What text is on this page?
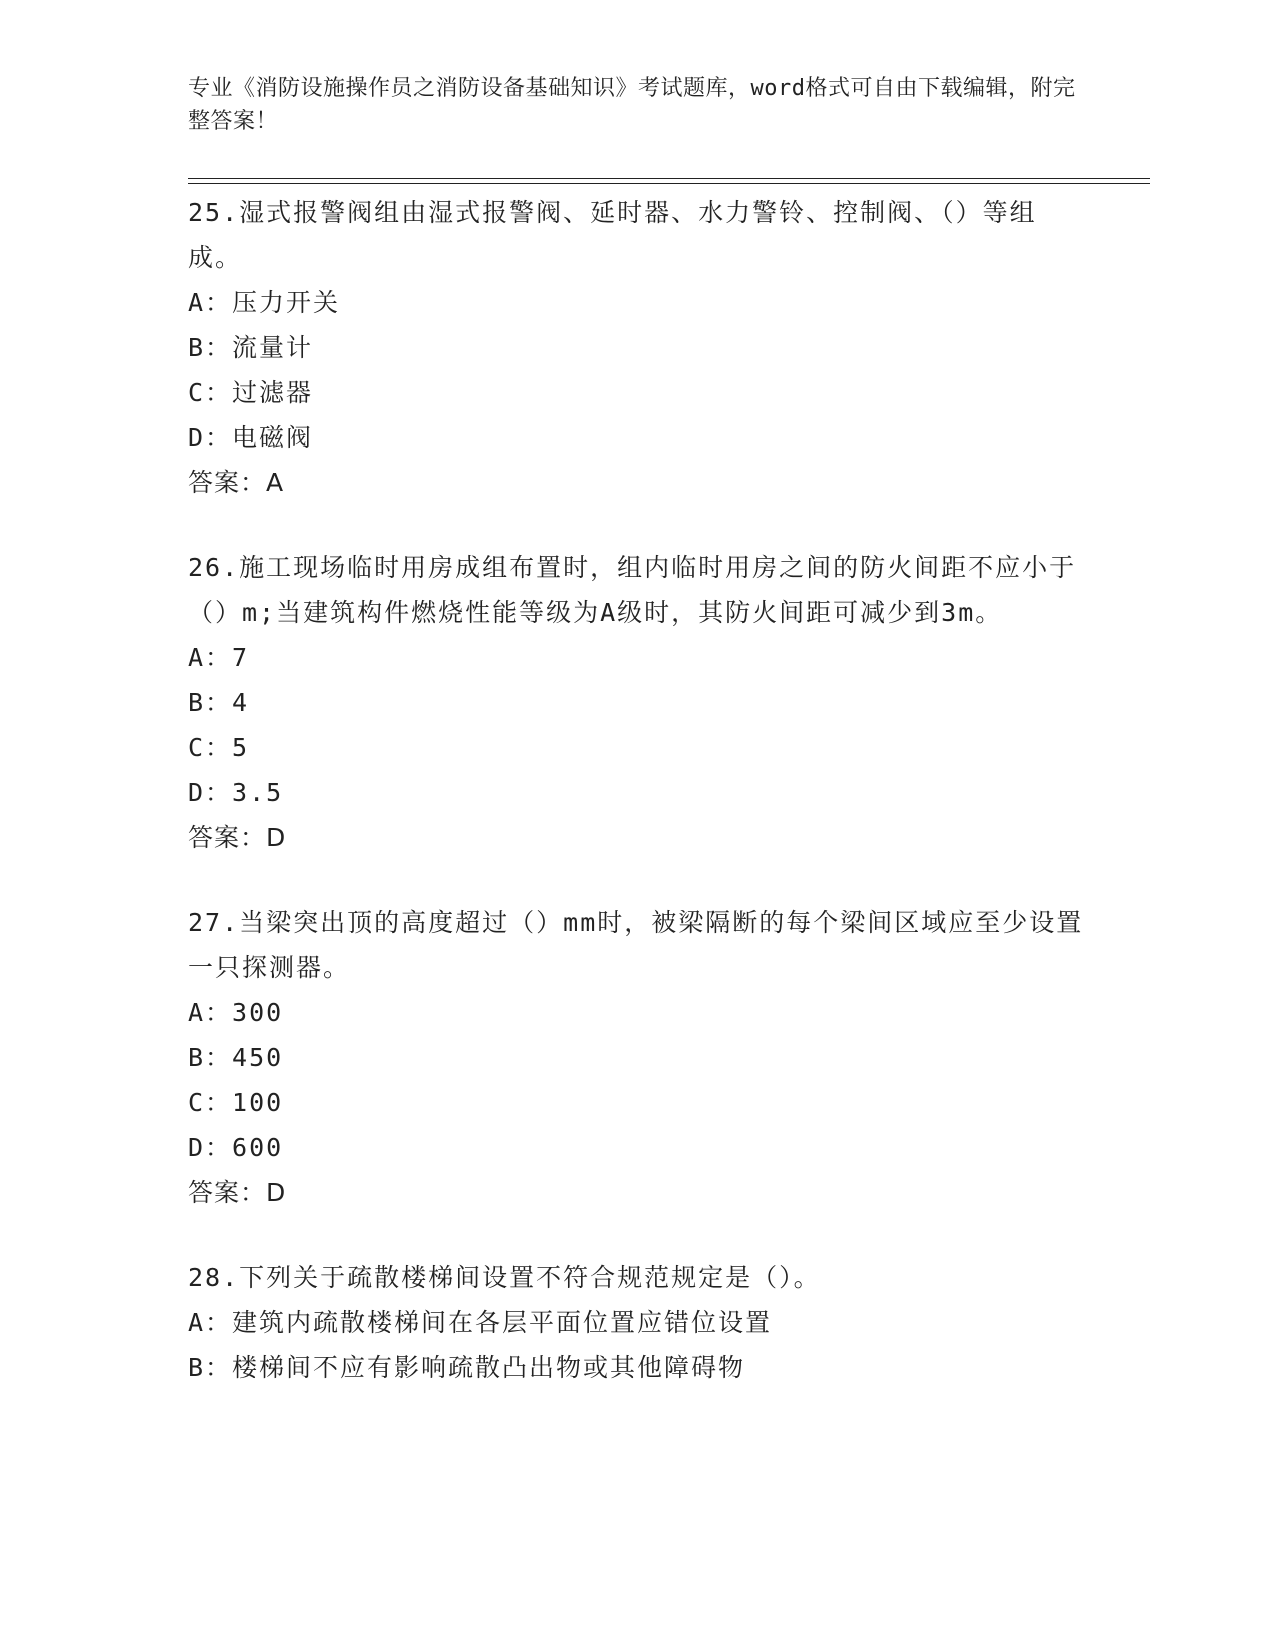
专业《消防设施操作员之消防设备基础知识》考试题库，word格式可自由下载编辑，附完整答案！
25.湿式报警阀组由湿式报警阀、延时器、水力警铃、控制阀、（）等组成。
A：压力开关
B：流量计
C：过滤器
D：电磁阀
答案：A
26.施工现场临时用房成组布置时，组内临时用房之间的防火间距不应小于（）m;当建筑构件燃烧性能等级为A级时，其防火间距可减少到3m。
A：7
B：4
C：5
D：3.5
答案：D
27.当梁突出顶的高度超过（）mm时，被梁隔断的每个梁间区域应至少设置一只探测器。
A：300
B：450
C：100
D：600
答案：D
28.下列关于疏散楼梯间设置不符合规范规定是（）。
A：建筑内疏散楼梯间在各层平面位置应错位设置
B：楼梯间不应有影响疏散凸出物或其他障碍物
